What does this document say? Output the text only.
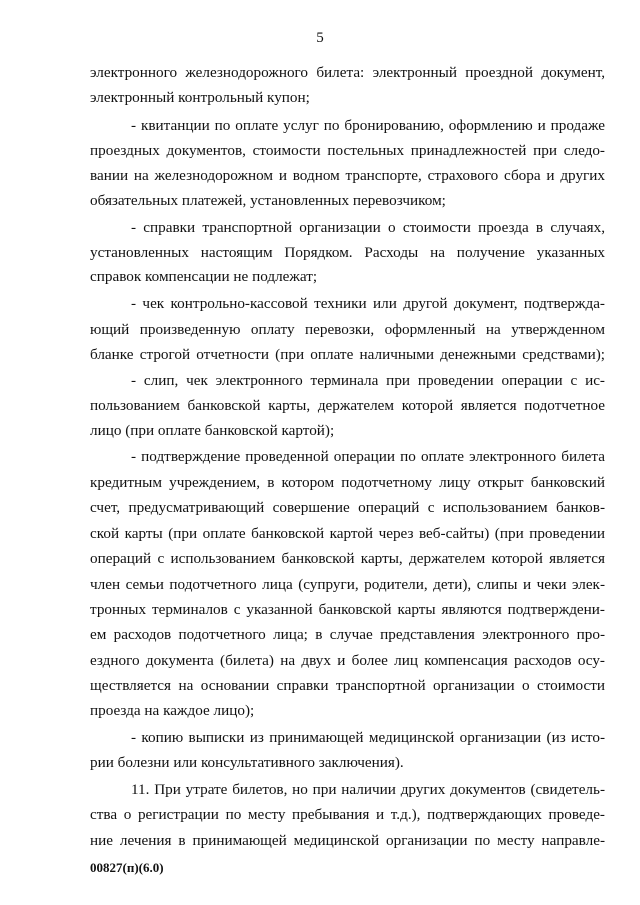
5
электронного железнодорожного билета: электронный проездной документ,
электронный контрольный купон;
- квитанции по оплате услуг по бронированию, оформлению и продаже
проездных документов, стоимости постельных принадлежностей при следо-
вании на железнодорожном и водном транспорте, страхового сбора и других
обязательных платежей, установленных перевозчиком;
- справки транспортной организации о стоимости проезда в случаях,
установленных настоящим Порядком. Расходы на получение указанных
справок компенсации не подлежат;
- чек контрольно-кассовой техники или другой документ, подтвержда-
ющий произведенную оплату перевозки, оформленный на утвержденном
бланке строгой отчетности (при оплате наличными денежными средствами);
- слип, чек электронного терминала при проведении операции с ис-
пользованием банковской карты, держателем которой является подотчетное
лицо (при оплате банковской картой);
- подтверждение проведенной операции по оплате электронного билета
кредитным учреждением, в котором подотчетному лицу открыт банковский
счет, предусматривающий совершение операций с использованием банков-
ской карты (при оплате банковской картой через веб-сайты) (при проведении
операций с использованием банковской карты, держателем которой является
член семьи подотчетного лица (супруги, родители, дети), слипы и чеки элек-
тронных терминалов с указанной банковской карты являются подтверждени-
ем расходов подотчетного лица; в случае представления электронного про-
ездного документа (билета) на двух и более лиц компенсация расходов осу-
ществляется на основании справки транспортной организации о стоимости
проезда на каждое лицо);
- копию выписки из принимающей медицинской организации (из исто-
рии болезни или консультативного заключения).
11. При утрате билетов, но при наличии других документов (свидетель-
ства о регистрации по месту пребывания и т.д.), подтверждающих проведе-
ние лечения в принимающей медицинской организации по месту направле-
00827(п)(6.0)
